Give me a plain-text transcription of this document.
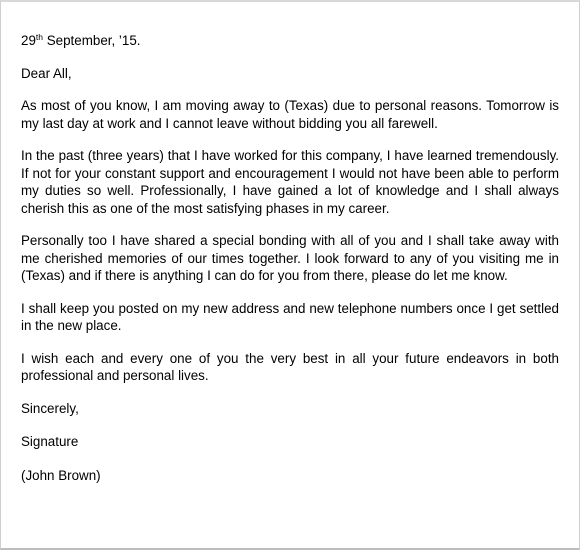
29th September, ’15.

Dear All,

As most of you know, I am moving away to (Texas) due to personal reasons. Tomorrow is my last day at work and I cannot leave without bidding you all farewell.

In the past (three years) that I have worked for this company, I have learned tremendously. If not for your constant support and encouragement I would not have been able to perform my duties so well. Professionally, I have gained a lot of knowledge and I shall always cherish this as one of the most satisfying phases in my career.

Personally too I have shared a special bonding with all of you and I shall take away with me cherished memories of our times together. I look forward to any of you visiting me in (Texas) and if there is anything I can do for you from there, please do let me know.

I shall keep you posted on my new address and new telephone numbers once I get settled in the new place.

I wish each and every one of you the very best in all your future endeavors in both professional and personal lives.

Sincerely,

Signature

(John Brown)
